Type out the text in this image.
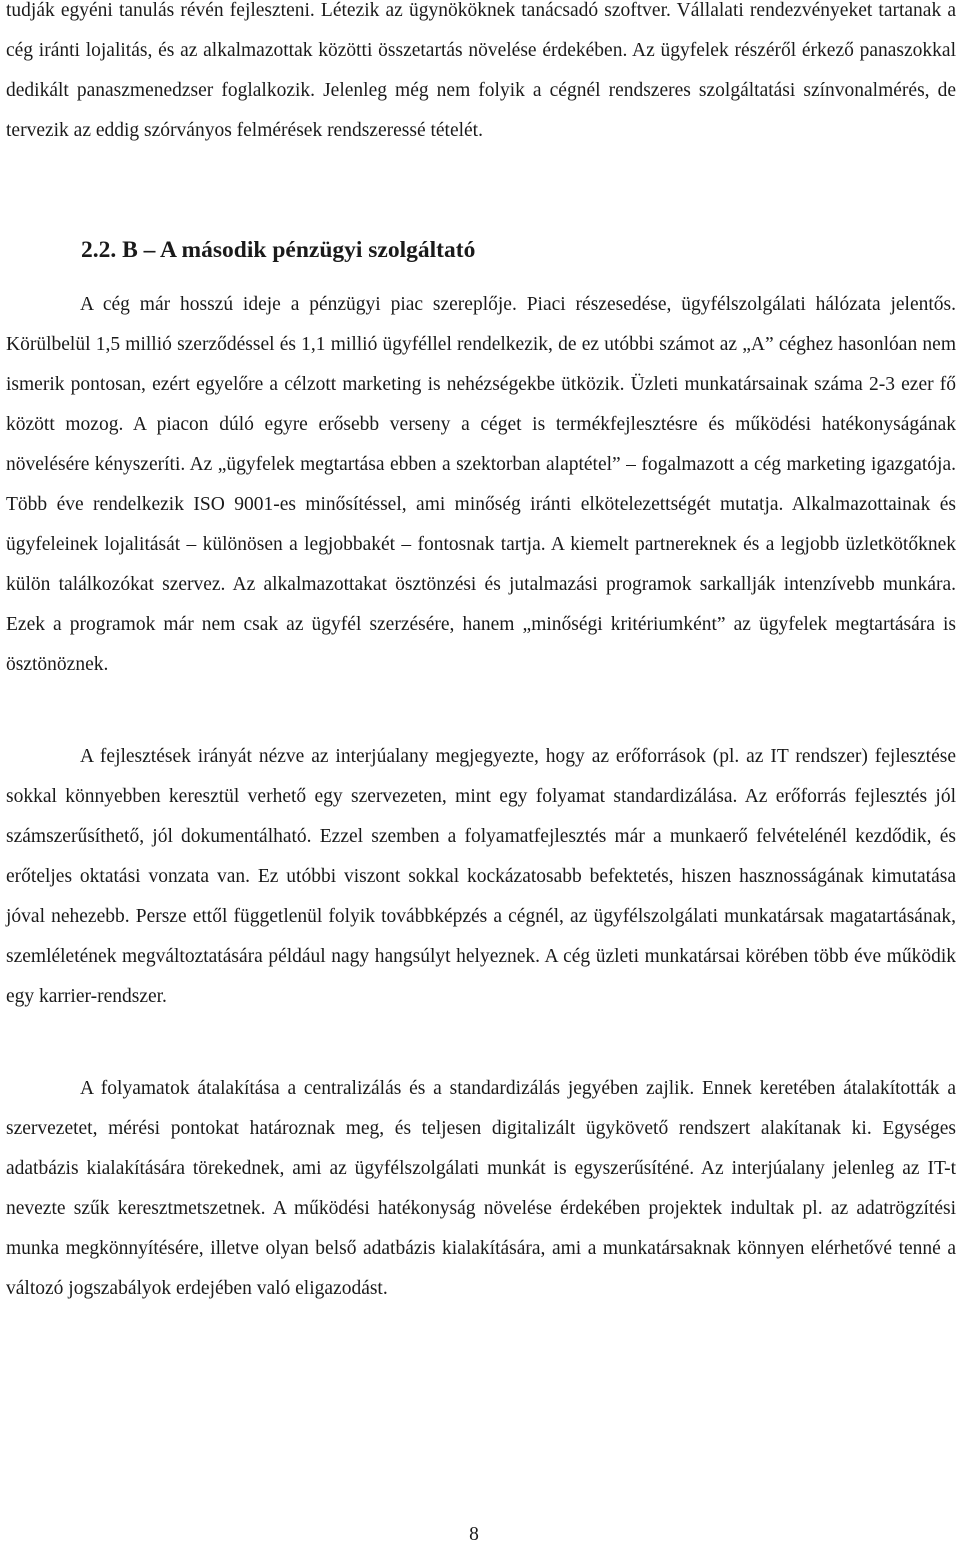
tudják egyéni tanulás révén fejleszteni. Létezik az ügynököknek tanácsadó szoftver. Vállalati rendezvényeket tartanak a cég iránti lojalitás, és az alkalmazottak közötti összetartás növelése érdekében. Az ügyfelek részéről érkező panaszokkal dedikált panaszmenedzser foglalkozik. Jelenleg még nem folyik a cégnél rendszeres szolgáltatási színvonalmérés, de tervezik az eddig szórványos felmérések rendszeressé tételét.

2.2. B – A második pénzügyi szolgáltató

A cég már hosszú ideje a pénzügyi piac szereplője. Piaci részesedése, ügyfélszolgálati hálózata jelentős. Körülbelül 1,5 millió szerződéssel és 1,1 millió ügyféllel rendelkezik, de ez utóbbi számot az „A” céghez hasonlóan nem ismerik pontosan, ezért egyelőre a célzott marketing is nehézségekbe ütközik. Üzleti munkatársainak száma 2-3 ezer fő között mozog. A piacon dúló egyre erősebb verseny a céget is termékfejlesztésre és működési hatékonyságának növelésére kényszeríti. Az „ügyfelek megtartása ebben a szektorban alaptétel” – fogalmazott a cég marketing igazgatója. Több éve rendelkezik ISO 9001-es minősítéssel, ami minőség iránti elkötelezettségét mutatja. Alkalmazottainak és ügyfeleinek lojalitását – különösen a legjobbakét – fontosnak tartja. A kiemelt partnereknek és a legjobb üzletkötőknek külön találkozókat szervez. Az alkalmazottakat ösztönzési és jutalmazási programok sarkallják intenzívebb munkára. Ezek a programok már nem csak az ügyfél szerzésére, hanem „minőségi kritériumként” az ügyfelek megtartására is ösztönöznek.

A fejlesztések irányát nézve az interjúalany megjegyezte, hogy az erőforrások (pl. az IT rendszer) fejlesztése sokkal könnyebben keresztül verhető egy szervezeten, mint egy folyamat standardizálása. Az erőforrás fejlesztés jól számszerűsíthető, jól dokumentálható. Ezzel szemben a folyamatfejlesztés már a munkaerő felvételénél kezdődik, és erőteljes oktatási vonzata van. Ez utóbbi viszont sokkal kockázatosabb befektetés, hiszen hasznosságának kimutatása jóval nehezebb. Persze ettől függetlenül folyik továbbképzés a cégnél, az ügyfélszolgálati munkatársak magatartásának, szemléletének megváltoztatására például nagy hangsúlyt helyeznek. A cég üzleti munkatársai körében több éve működik egy karrier-rendszer.

A folyamatok átalakítása a centralizálás és a standardizálás jegyében zajlik. Ennek keretében átalakították a szervezetet, mérési pontokat határoznak meg, és teljesen digitalizált ügykövető rendszert alakítanak ki. Egységes adatbázis kialakítására törekednek, ami az ügyfélszolgálati munkát is egyszerűsíténé. Az interjúalany jelenleg az IT-t nevezte szűk keresztmetszetnek. A működési hatékonyság növelése érdekében projektek indultak pl. az adatrögzítési munka megkönnyítésére, illetve olyan belső adatbázis kialakítására, ami a munkatársaknak könnyen elérhetővé tenné a változó jogszabályok erdejében való eligazodást.

8
